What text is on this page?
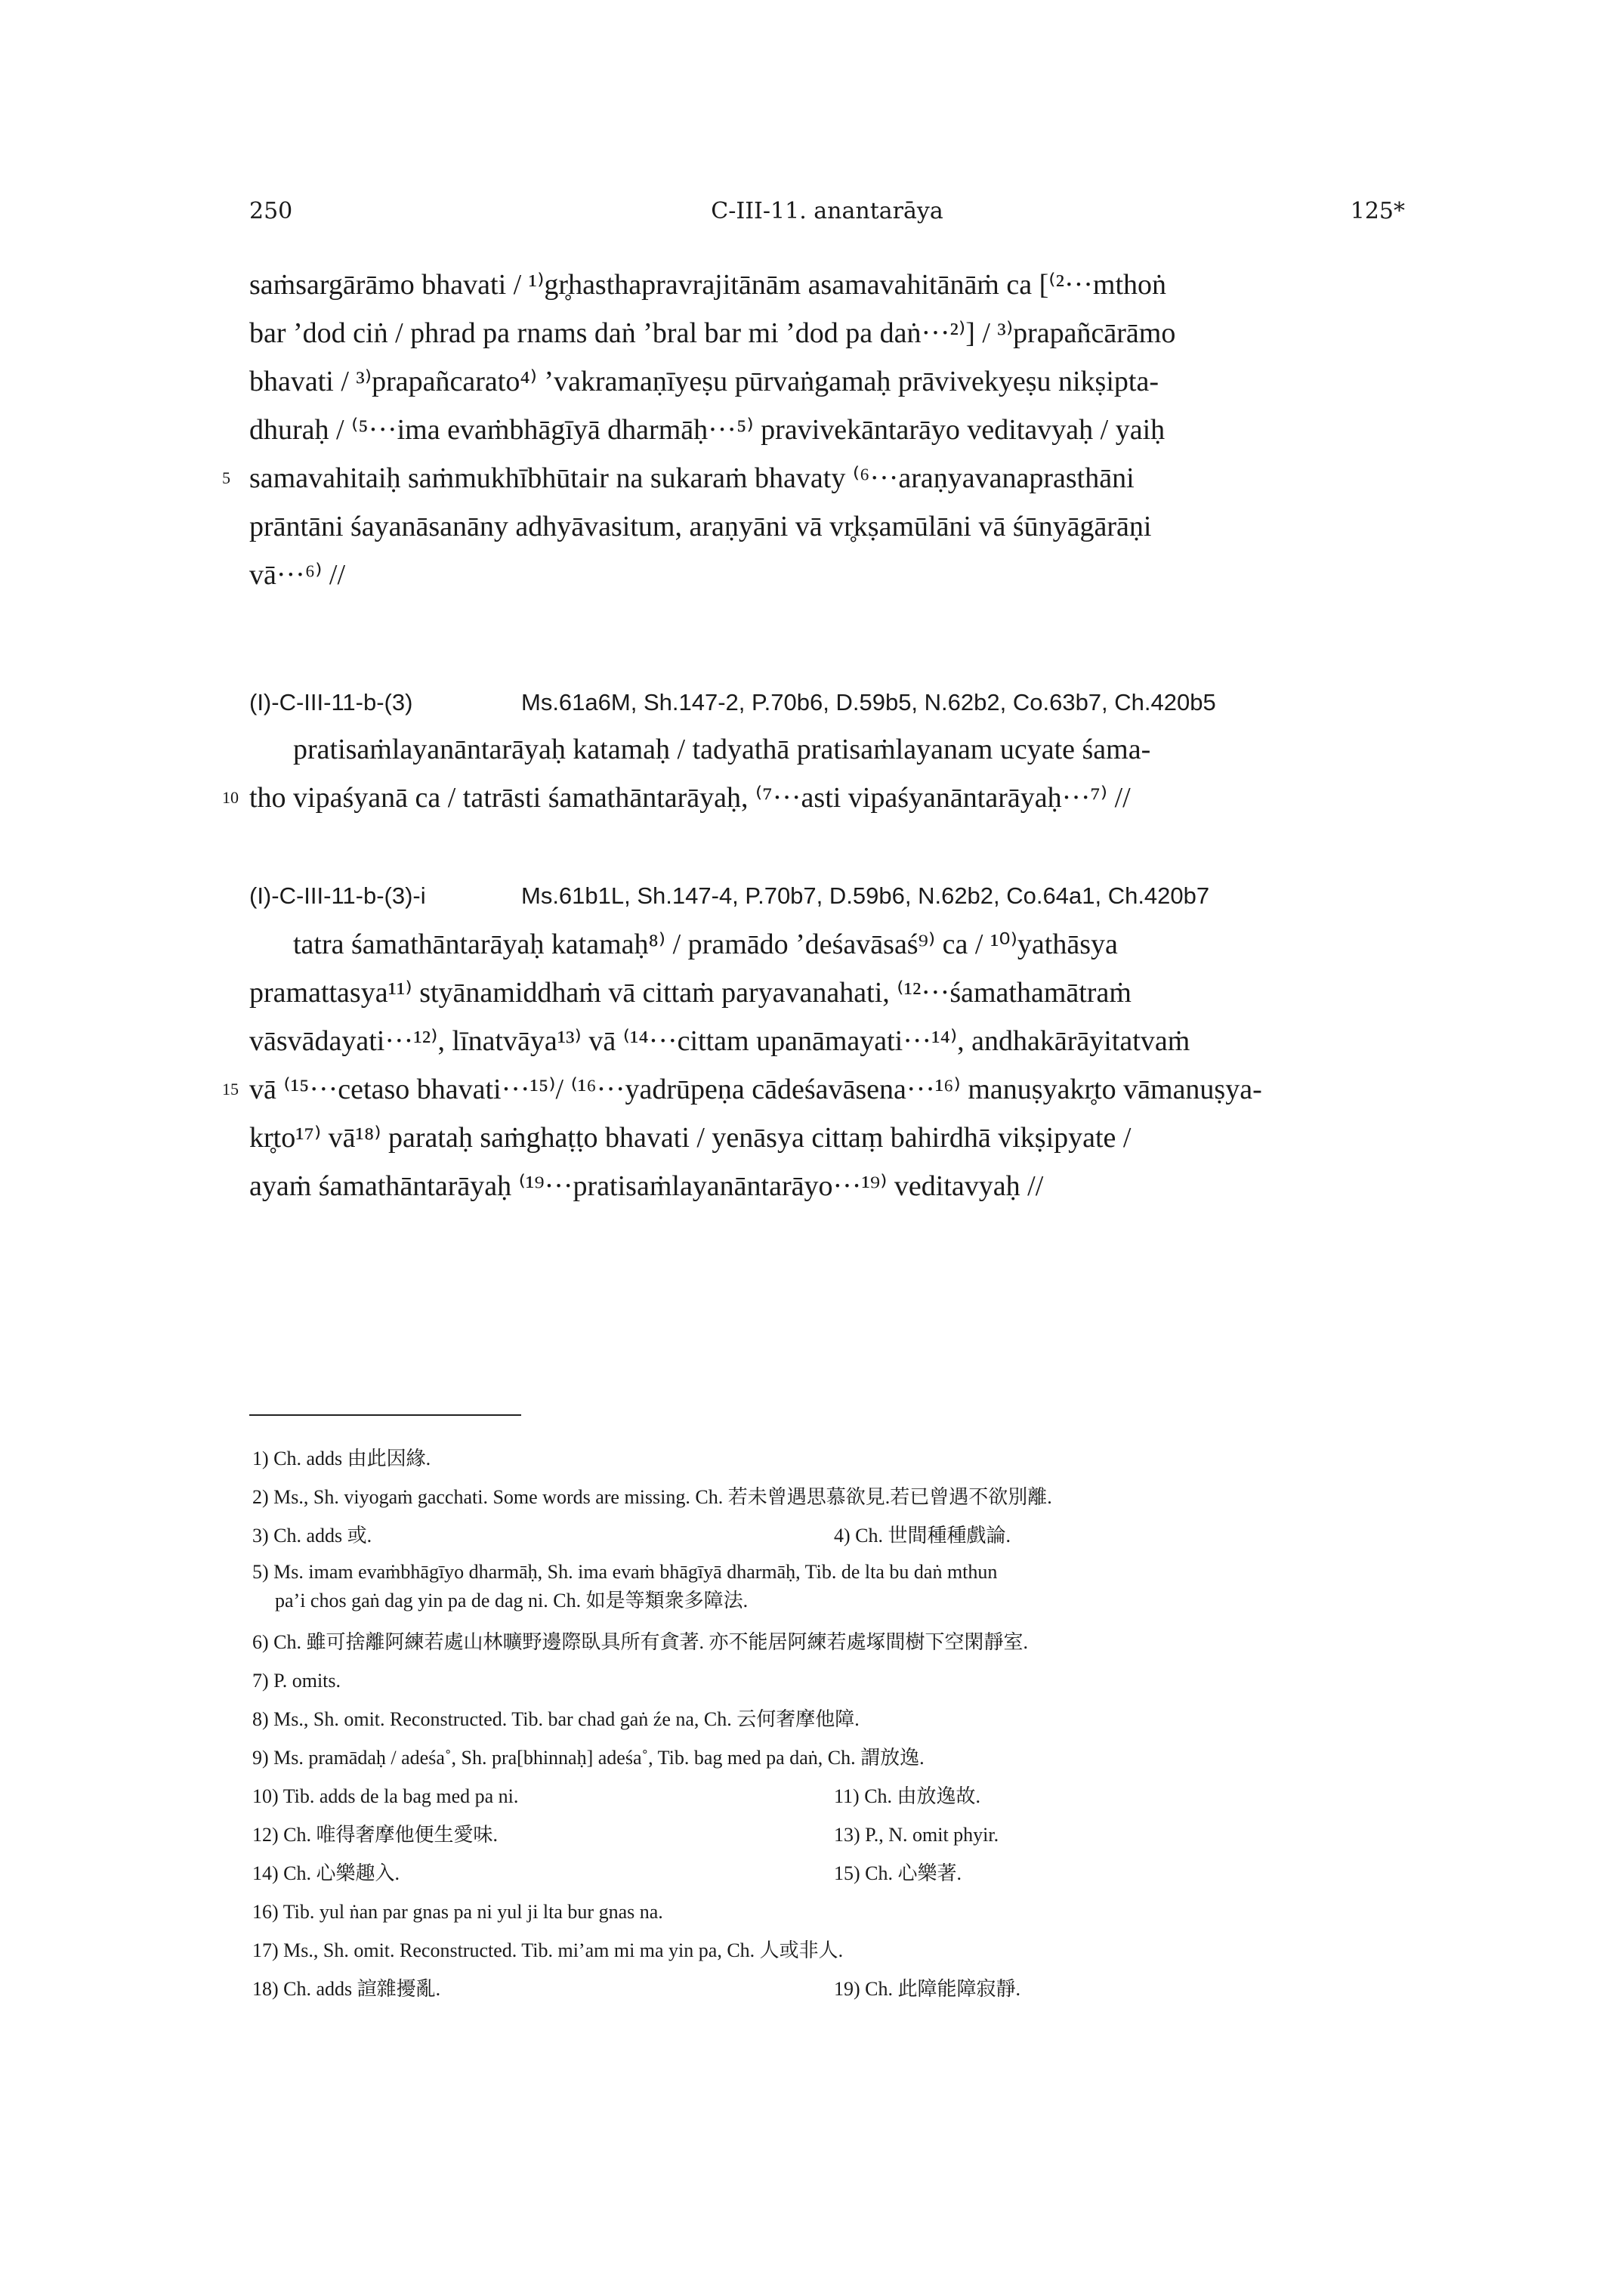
250	C-III-11. anantarāya	125*
saṁsargārāmo bhavati / ¹⁾gr̥hasthapravrajitānām asamavahitānāṁ ca [⁽²···mthoṅ
bar ’dod ciṅ / phrad pa rnams daṅ ’bral bar mi ’dod pa daṅ···²⁾] / ³⁾prapañcārāmo
bhavati / ³⁾prapañcarato⁴⁾ ’vakramaṇīyeṣu pūrvaṅgamaḥ prāvivekyeṣu nikṣipta-
dhuraḥ / ⁽⁵···ima evaṁbhāgīyā dharmāḥ···⁵⁾ pravivekāntarāyo veditavyaḥ / yaiḥ
5 samavahitaiḥ saṁmukhībhūtair na sukaraṁ bhavaty ⁽⁶···araṇyavanaprasthāni
prāntāni śayanāsanāny adhyāvasitum, araṇyāni vā vr̥kṣamūlāni vā śūnyāgārāṇi
vā···⁶⁾ //
(I)-C-III-11-b-(3)	Ms.61a6M, Sh.147-2, P.70b6, D.59b5, N.62b2, Co.63b7, Ch.420b5
pratisaṁlayanāntarāyaḥ katamaḥ / tadyathā pratisaṁlayanam ucyate śama-
10 tho vipaśyanā ca / tatrāsti śamathāntarāyaḥ, ⁽⁷···asti vipaśyanāntarāyaḥ···⁷⁾ //
(I)-C-III-11-b-(3)-i	Ms.61b1L, Sh.147-4, P.70b7, D.59b6, N.62b2, Co.64a1, Ch.420b7
tatra śamathāntarāyaḥ katamaḥ⁸⁾ / pramādo ’deśavāsaś⁹⁾ ca / ¹⁰⁾yathāsya
pramattasya¹¹⁾ styānamiddhaṁ vā cittaṁ paryavanahati, ⁽¹²···śamathamātraṁ
vāsvādayati···¹²⁾, līnatvāya¹³⁾ vā ⁽¹⁴···cittam upanāmayati···¹⁴⁾, andhakārāyitatvaṁ
15 vā ⁽¹⁵···cetaso bhavati···¹⁵⁾/ ⁽¹⁶···yadrūpeṇa cādeśavāsena···¹⁶⁾ manuṣyakr̥to vāmanuṣya-
kr̥to¹⁷⁾ vā¹⁸⁾ parataḥ saṁghaṭṭo bhavati / yenāsya cittaṃ bahirdhā vikṣipyate /
ayaṁ śamathāntarāyaḥ ⁽¹⁹···pratisaṁlayanāntarāyo···¹⁹⁾ veditavyaḥ //
1) Ch. adds 由此因緣.
2) Ms., Sh. viyogaṁ gacchati. Some words are missing. Ch. 若未曾遇思慕欲見.若已曾遇不欲別離.
3) Ch. adds 或.	4) Ch. 世間種種戲論.
5) Ms. imam evaṁbhāgīyo dharmāḥ, Sh. ima evaṁ bhāgīyā dharmāḥ, Tib. de lta bu daṅ mthun
pa’i chos gaṅ dag yin pa de dag ni. Ch. 如是等類衆多障法.
6) Ch. 雖可捨離阿練若處山林曠野邊際臥具所有貪著. 亦不能居阿練若處塚間樹下空閑靜室.
7) P. omits.
8) Ms., Sh. omit. Reconstructed. Tib. bar chad gaṅ źe na, Ch. 云何奢摩他障.
9) Ms. pramādaḥ / adeśa˚, Sh. pra[bhinnaḥ] adeśa˚, Tib. bag med pa daṅ, Ch. 謂放逸.
10) Tib. adds de la bag med pa ni.	11) Ch. 由放逸故.
12) Ch. 唯得奢摩他便生愛味.	13) P., N. omit phyir.
14) Ch. 心樂趣入.	15) Ch. 心樂著.
16) Tib. yul ṅan par gnas pa ni yul ji lta bur gnas na.
17) Ms., Sh. omit. Reconstructed. Tib. mi’am mi ma yin pa, Ch. 人或非人.
18) Ch. adds 諠雜擾亂.	19) Ch. 此障能障寂靜.
